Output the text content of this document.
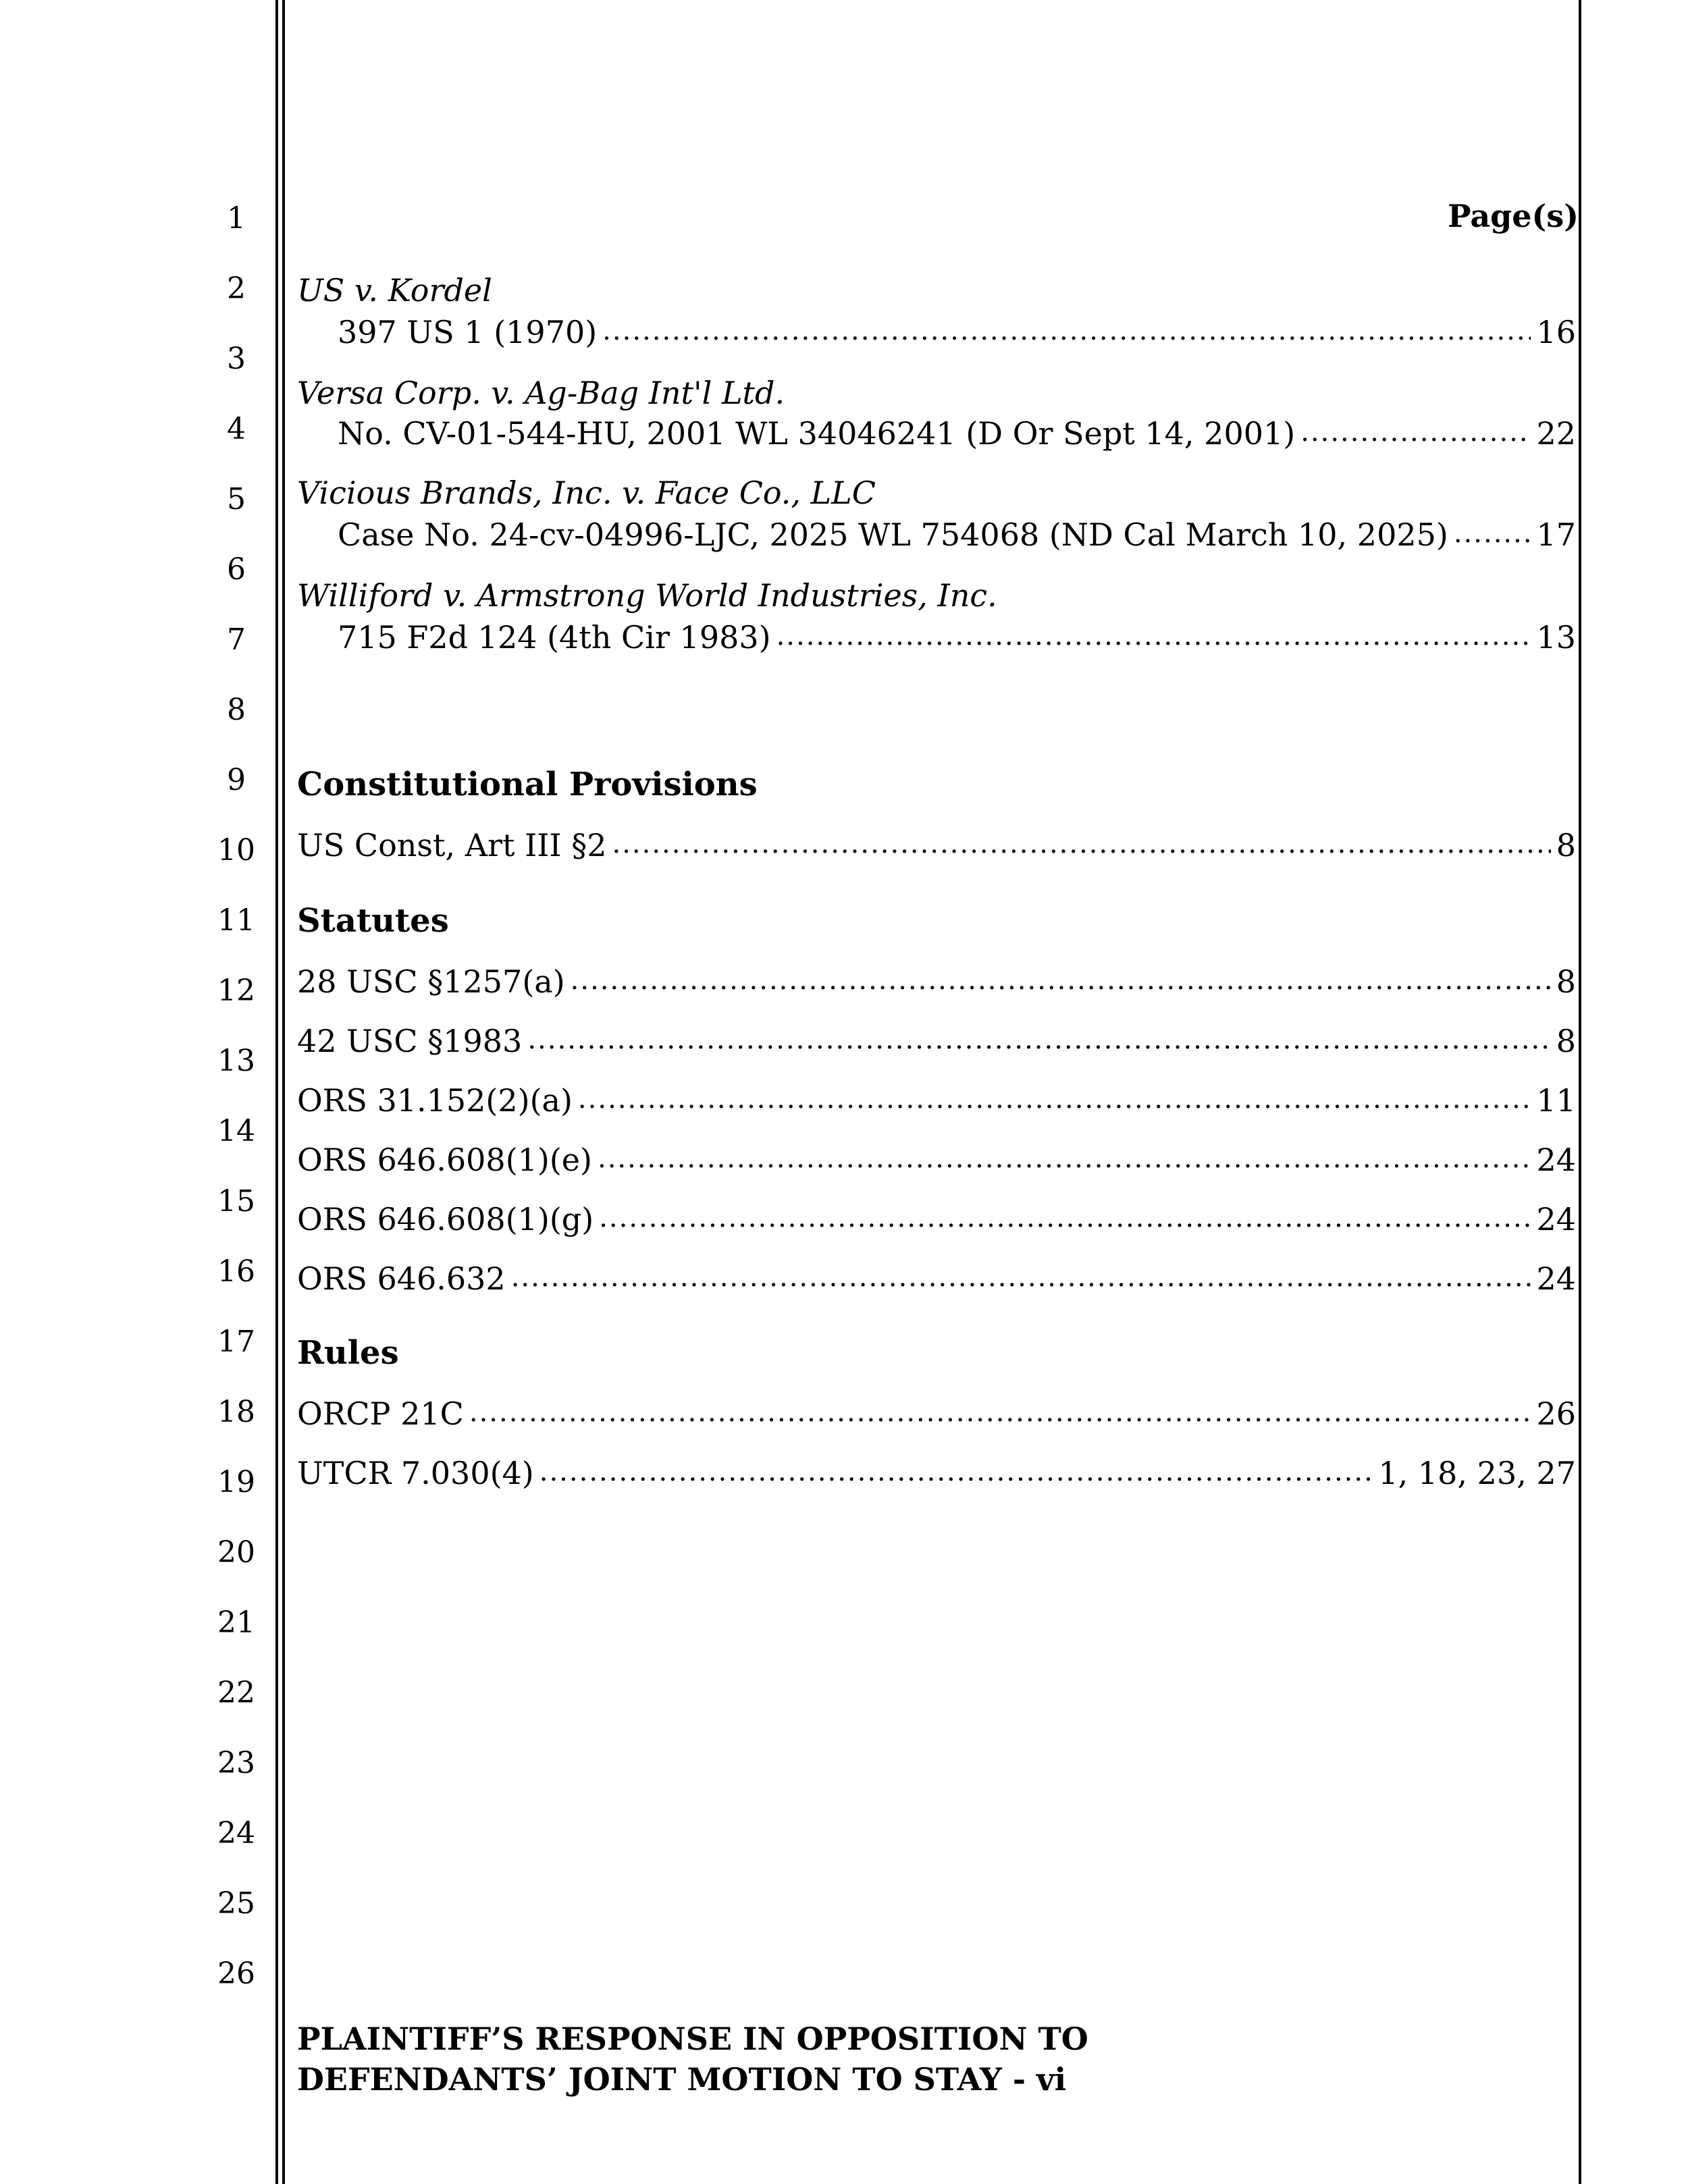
1
2
3
4
5
6
7
8
9
10
11
12
13
14
15
16
17
18
19
20
21
22
23
24
25
26
Page(s)
US v. Kordel
397 US 1 (1970) .....	16
Versa Corp. v. Ag-Bag Int'l Ltd.
No. CV-01-544-HU, 2001 WL 34046241 (D Or Sept 14, 2001) .....	22
Vicious Brands, Inc. v. Face Co., LLC
Case No. 24-cv-04996-LJC, 2025 WL 754068 (ND Cal March 10, 2025) .....	17
Williford v. Armstrong World Industries, Inc.
715 F2d 124 (4th Cir 1983) .....	13
Constitutional Provisions
US Const, Art III §2 .....	8
Statutes
28 USC §1257(a) .....	8
42 USC §1983 .....	8
ORS 31.152(2)(a) .....	11
ORS 646.608(1)(e) .....	24
ORS 646.608(1)(g) .....	24
ORS 646.632 .....	24
Rules
ORCP 21C .....	26
UTCR 7.030(4) .....	1, 18, 23, 27
PLAINTIFF’S RESPONSE IN OPPOSITION TO
DEFENDANTS’ JOINT MOTION TO STAY - vi
